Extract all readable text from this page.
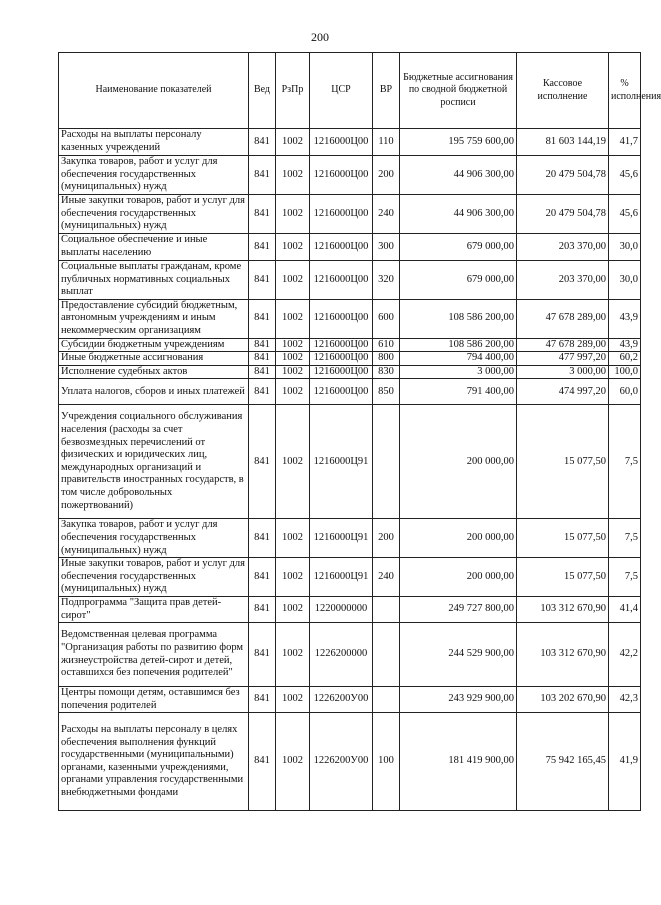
200
Наименование показателей	Вед	РзПр	ЦСР	ВР	Бюджетные ассигнования по сводной бюджетной росписи	Кассовое исполнение	% исполнения
Расходы на выплаты персоналу казенных учреждений	841	1002	1216000Ц00	110	195 759 600,00	81 603 144,19	41,7
Закупка товаров, работ и услуг для обеспечения государственных (муниципальных) нужд	841	1002	1216000Ц00	200	44 906 300,00	20 479 504,78	45,6
Иные закупки товаров, работ и услуг для обеспечения государственных (муниципальных) нужд	841	1002	1216000Ц00	240	44 906 300,00	20 479 504,78	45,6
Социальное обеспечение и иные выплаты населению	841	1002	1216000Ц00	300	679 000,00	203 370,00	30,0
Социальные выплаты гражданам, кроме публичных нормативных социальных выплат	841	1002	1216000Ц00	320	679 000,00	203 370,00	30,0
Предоставление субсидий бюджетным, автономным учреждениям и иным некоммерческим организациям	841	1002	1216000Ц00	600	108 586 200,00	47 678 289,00	43,9
Субсидии бюджетным учреждениям	841	1002	1216000Ц00	610	108 586 200,00	47 678 289,00	43,9
Иные бюджетные ассигнования	841	1002	1216000Ц00	800	794 400,00	477 997,20	60,2
Исполнение судебных актов	841	1002	1216000Ц00	830	3 000,00	3 000,00	100,0
Уплата налогов, сборов и иных платежей	841	1002	1216000Ц00	850	791 400,00	474 997,20	60,0
Учреждения социального обслуживания населения (расходы за счет безвозмездных перечислений от физических и юридических лиц, международных организаций и правительств иностранных государств, в том числе добровольных пожертвований)	841	1002	1216000Ц91		200 000,00	15 077,50	7,5
Закупка товаров, работ и услуг для обеспечения государственных (муниципальных) нужд	841	1002	1216000Ц91	200	200 000,00	15 077,50	7,5
Иные закупки товаров, работ и услуг для обеспечения государственных (муниципальных) нужд	841	1002	1216000Ц91	240	200 000,00	15 077,50	7,5
Подпрограмма "Защита прав детей-сирот"	841	1002	1220000000		249 727 800,00	103 312 670,90	41,4
Ведомственная целевая программа "Организация работы по развитию форм жизнеустройства детей-сирот и детей, оставшихся без попечения родителей"	841	1002	1226200000		244 529 900,00	103 312 670,90	42,2
Центры помощи детям, оставшимся без попечения родителей	841	1002	1226200У00		243 929 900,00	103 202 670,90	42,3
Расходы на выплаты персоналу в целях обеспечения выполнения функций государственными (муниципальными) органами, казенными учреждениями, органами управления государственными внебюджетными фондами	841	1002	1226200У00	100	181 419 900,00	75 942 165,45	41,9
